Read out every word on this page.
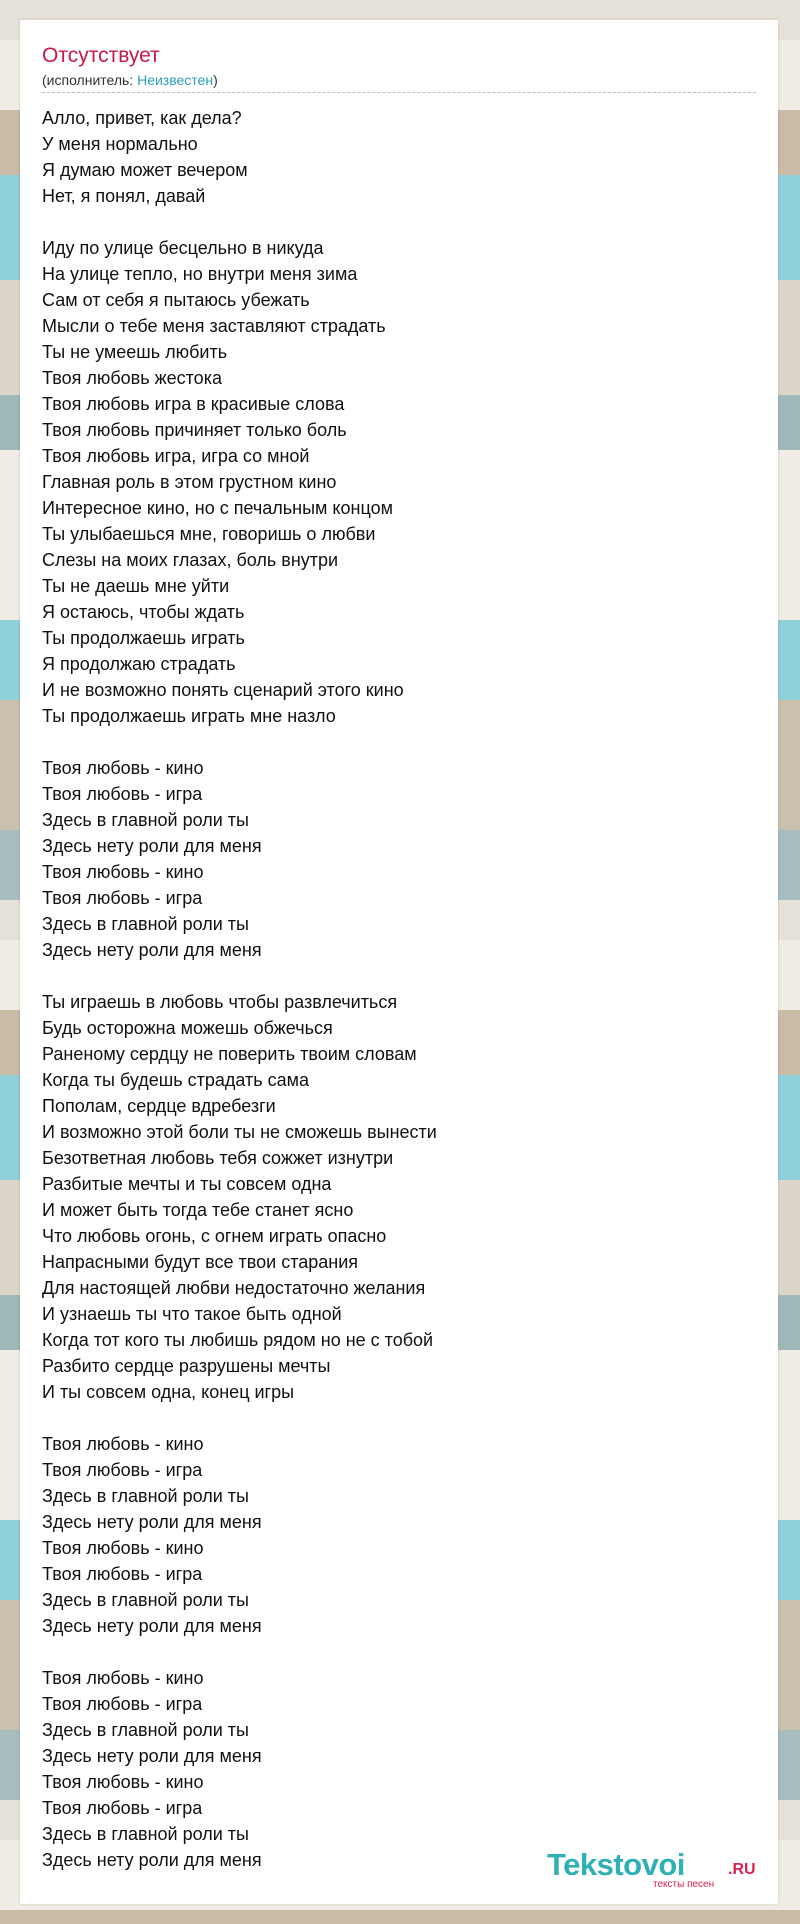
Отсутствует
(исполнитель: Неизвестен)
Алло, привет, как дела?
У меня нормально
Я думаю может вечером
Нет, я понял, давай
Иду по улице бесцельно в никуда
На улице тепло, но внутри меня зима
Сам от себя я пытаюсь убежать
Мысли о тебе меня заставляют страдать
Ты не умеешь любить
Твоя любовь жестока
Твоя любовь игра в красивые слова
Твоя любовь причиняет только боль
Твоя любовь игра, игра со мной
Главная роль в этом грустном кино
Интересное кино, но с печальным концом
Ты улыбаешься мне, говоришь о любви
Слезы на моих глазах, боль внутри
Ты не даешь мне уйти
Я остаюсь, чтобы ждать
Ты продолжаешь играть
Я продолжаю страдать
И не возможно понять сценарий этого кино
Ты продолжаешь играть мне назло
Твоя любовь - кино
Твоя любовь - игра
Здесь в главной роли ты
Здесь нету роли для меня
Твоя любовь - кино
Твоя любовь - игра
Здесь в главной роли ты
Здесь нету роли для меня
Ты играешь в любовь чтобы развлечиться
Будь осторожна можешь обжечься
Раненому сердцу не поверить твоим словам
Когда ты будешь страдать сама
Пополам, сердце вдребезги
И возможно этой боли ты не сможешь вынести
Безответная любовь тебя сожжет изнутри
Разбитые мечты и ты совсем одна
И может быть тогда тебе станет ясно
Что любовь огонь, с огнем играть опасно
Напрасными будут все твои старания
Для настоящей любви недостаточно желания
И узнаешь ты что такое быть одной
Когда тот кого ты любишь рядом но не с тобой
Разбито сердце разрушены мечты
И ты совсем одна, конец игры
Твоя любовь - кино
Твоя любовь - игра
Здесь в главной роли ты
Здесь нету роли для меня
Твоя любовь - кино
Твоя любовь - игра
Здесь в главной роли ты
Здесь нету роли для меня
Твоя любовь - кино
Твоя любовь - игра
Здесь в главной роли ты
Здесь нету роли для меня
Твоя любовь - кино
Твоя любовь - игра
Здесь в главной роли ты
Здесь нету роли для меня	Tekstovoi	.RU
тексты песен
